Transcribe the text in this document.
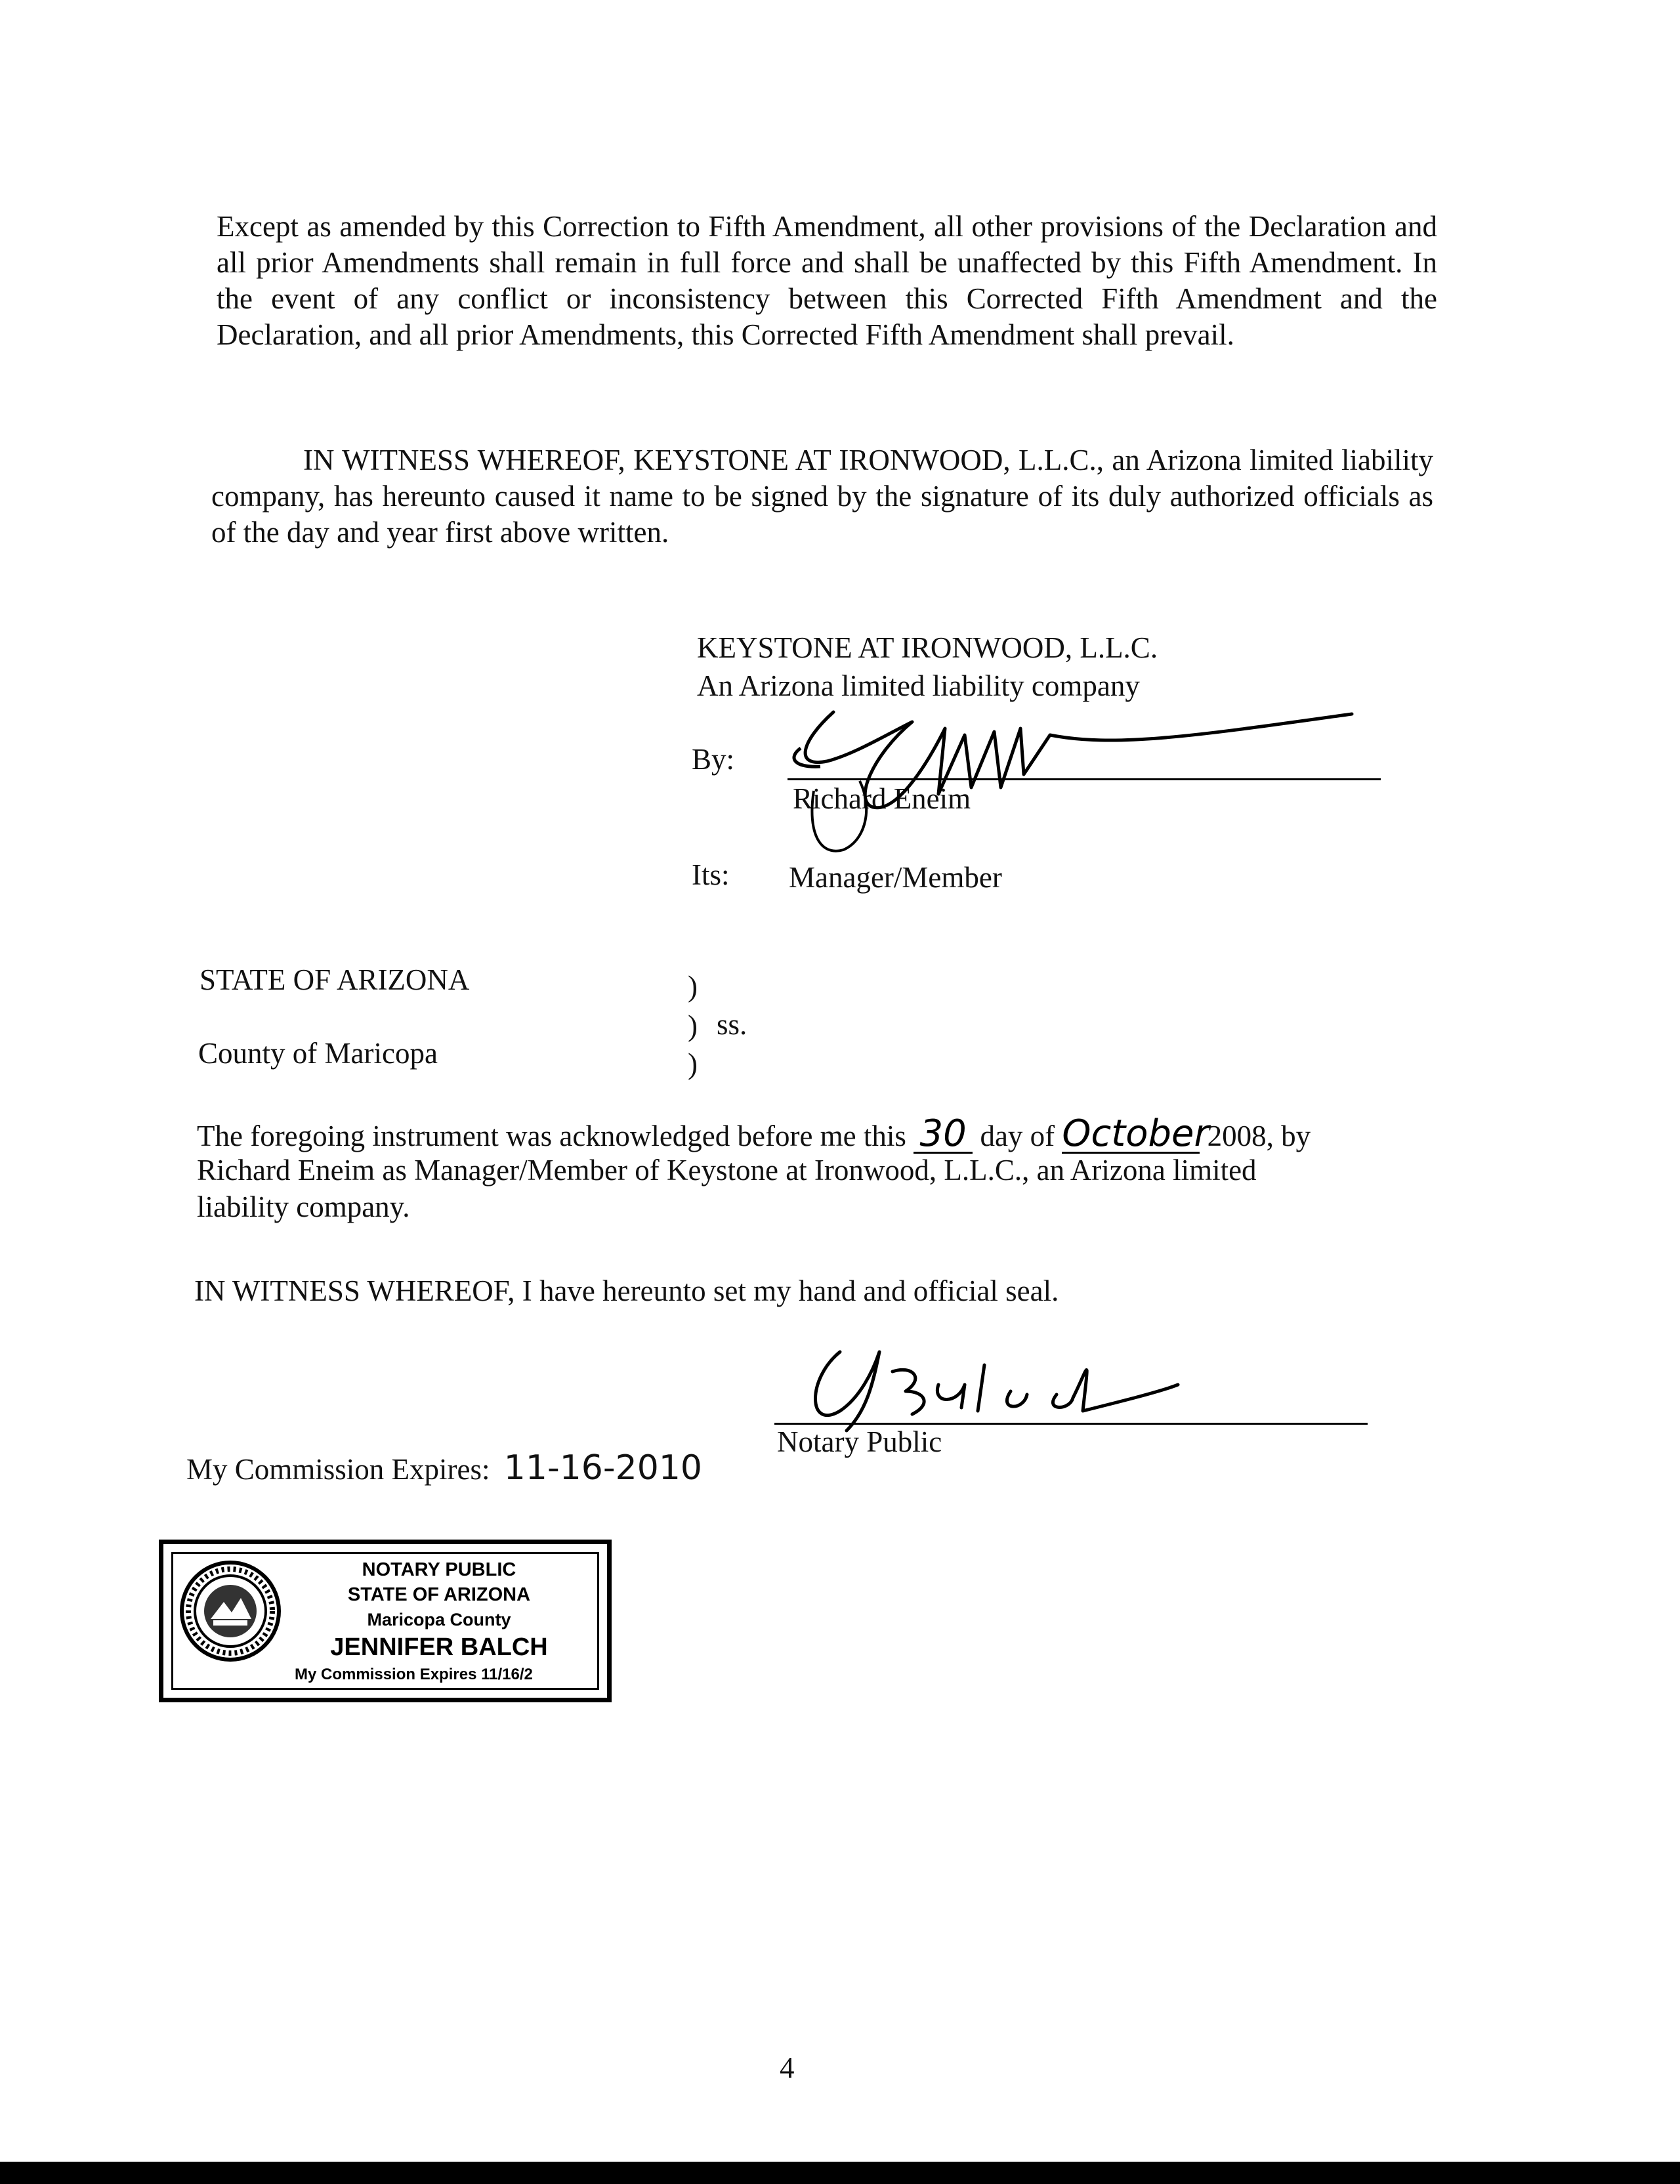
Except as amended by this Correction to Fifth Amendment, all other provisions of the Declaration and all prior Amendments shall remain in full force and shall be unaffected by this Fifth Amendment. In the event of any conflict or inconsistency between this Corrected Fifth Amendment and the Declaration, and all prior Amendments, this Corrected Fifth Amendment shall prevail.

IN WITNESS WHEREOF, KEYSTONE AT IRONWOOD, L.L.C., an Arizona limited liability company, has hereunto caused it name to be signed by the signature of its duly authorized officials as of the day and year first above written.

KEYSTONE AT IRONWOOD, L.L.C.
An Arizona limited liability company
By:
Richard Eneim
Its: Manager/Member
STATE OF ARIZONA	)
) ss.
County of Maricopa	)
The foregoing instrument was acknowledged before me this 30 day of October 2008, by
Richard Eneim as Manager/Member of Keystone at Ironwood, L.L.C., an Arizona limited
liability company.
IN WITNESS WHEREOF, I have hereunto set my hand and official seal.
Notary Public
My Commission Expires: 11-16-2010
NOTARY PUBLIC
STATE OF ARIZONA
Maricopa County
JENNIFER BALCH
My Commission Expires 11/16/2
4
